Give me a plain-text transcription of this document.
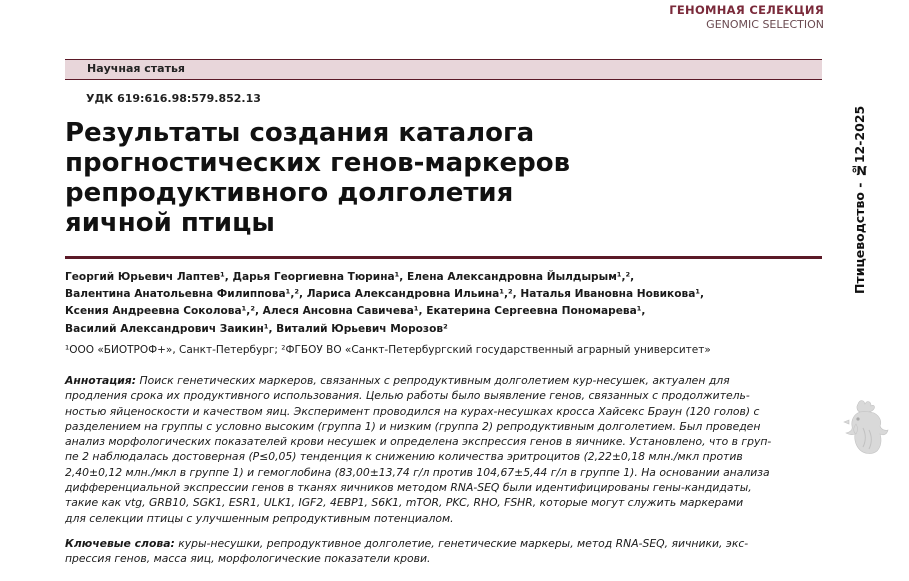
ГЕНОМНАЯ СЕЛЕКЦИЯ
GENOMIC SELECTION
Научная статья
УДК 619:616.98:579.852.13
Результаты создания каталога
прогностических генов-маркеров
репродуктивного долголетия
яичной птицы
Георгий Юрьевич Лаптев¹, Дарья Георгиевна Тюрина¹, Елена Александровна Йылдырым¹,²,
Валентина Анатольевна Филиппова¹,², Лариса Александровна Ильина¹,², Наталья Ивановна Новикова¹,
Ксения Андреевна Соколова¹,², Алеся Ансовна Савичева¹, Екатерина Сергеевна Пономарева¹,
Василий Александрович Заикин¹, Виталий Юрьевич Морозов²
¹ООО «БИОТРОФ+», Санкт-Петербург; ²ФГБОУ ВО «Санкт-Петербургский государственный аграрный университет»
Аннотация: Поиск генетических маркеров, связанных с репродуктивным долголетием кур-несушек, актуален для
продления срока их продуктивного использования. Целью работы было выявление генов, связанных с продолжитель-
ностью яйценоскости и качеством яиц. Эксперимент проводился на курах-несушках кросса Хайсекс Браун (120 голов) с
разделением на группы с условно высоким (группа 1) и низким (группа 2) репродуктивным долголетием. Был проведен
анализ морфологических показателей крови несушек и определена экспрессия генов в яичнике. Установлено, что в груп-
пе 2 наблюдалась достоверная (P≤0,05) тенденция к снижению количества эритроцитов (2,22±0,18 млн./мкл против
2,40±0,12 млн./мкл в группе 1) и гемоглобина (83,00±13,74 г/л против 104,67±5,44 г/л в группе 1). На основании анализа
дифференциальной экспрессии генов в тканях яичников методом RNA-SEQ были идентифицированы гены-кандидаты,
такие как vtg, GRB10, SGK1, ESR1, ULK1, IGF2, 4EBP1, S6K1, mTOR, PKC, RHO, FSHR, которые могут служить маркерами
для селекции птицы с улучшенным репродуктивным потенциалом.
Ключевые слова: куры-несушки, репродуктивное долголетие, генетические маркеры, метод RNA-SEQ, яичники, экс-
прессия генов, масса яиц, морфологические показатели крови.
Птицеводство - №12-2025
